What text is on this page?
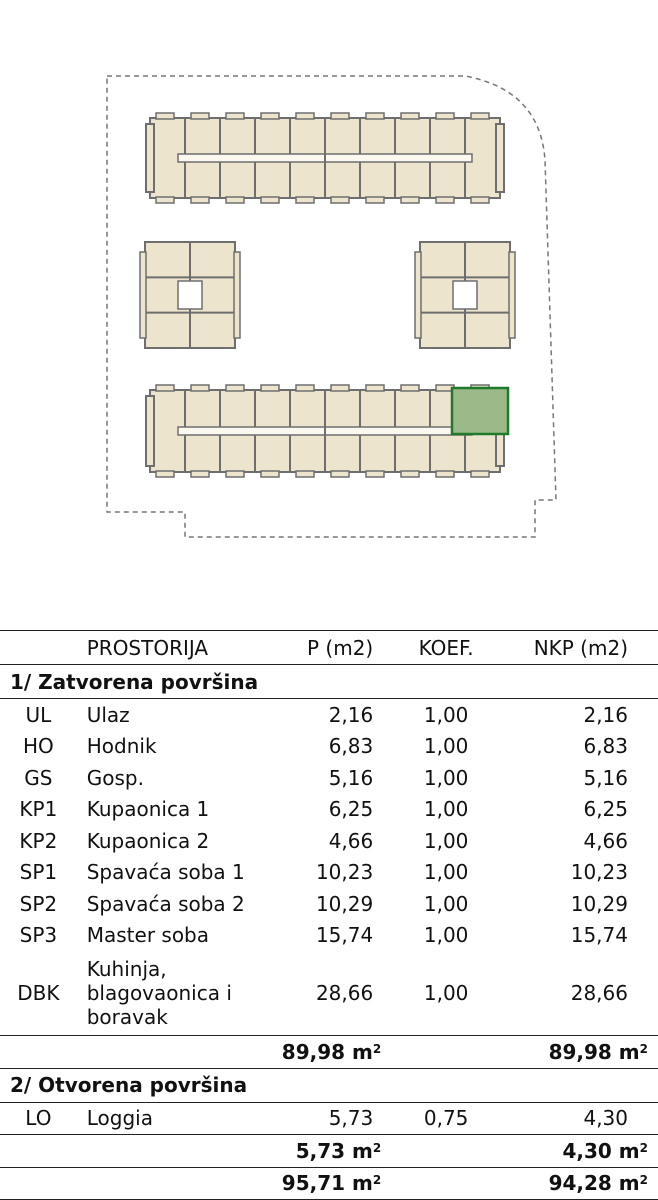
	PROSTORIJA	P (m2)	KOEF.	NKP (m2)
1/ Zatvorena površina				
UL	Ulaz	2,16	1,00	2,16
HO	Hodnik	6,83	1,00	6,83
GS	Gosp.	5,16	1,00	5,16
KP1	Kupaonica 1	6,25	1,00	6,25
KP2	Kupaonica 2	4,66	1,00	4,66
SP1	Spavaća soba 1	10,23	1,00	10,23
SP2	Spavaća soba 2	10,29	1,00	10,29
SP3	Master soba	15,74	1,00	15,74
DBK	Kuhinja, blagovaonica i boravak	28,66	1,00	28,66
		89,98 $m^2$		89,98 $m^2$
2/ Otvorena površina				
LO	Loggia	5,73	0,75	4,30
		5,73 $m^2$		4,30 $m^2$
		95,71 $m^2$		94,28 $m^2$
